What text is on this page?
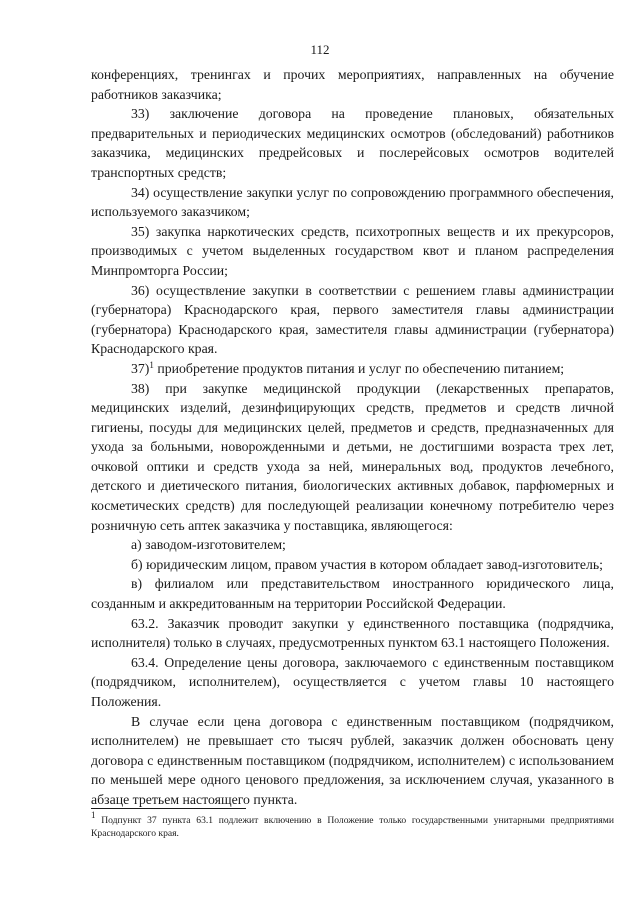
112

конференциях, тренингах и прочих мероприятиях, направленных на обучение работников заказчика;

33) заключение договора на проведение плановых, обязательных предварительных и периодических медицинских осмотров (обследований) работников заказчика, медицинских предрейсовых и послерейсовых осмотров водителей транспортных средств;

34) осуществление закупки услуг по сопровождению программного обеспечения, используемого заказчиком;

35) закупка наркотических средств, психотропных веществ и их прекурсоров, производимых с учетом выделенных государством квот и планом распределения Минпромторга России;

36) осуществление закупки в соответствии с решением главы администрации (губернатора) Краснодарского края, первого заместителя главы администрации (губернатора) Краснодарского края, заместителя главы администрации (губернатора) Краснодарского края.

37)$^1$ приобретение продуктов питания и услуг по обеспечению питанием;

38) при закупке медицинской продукции (лекарственных препаратов, медицинских изделий, дезинфицирующих средств, предметов и средств личной гигиены, посуды для медицинских целей, предметов и средств, предназначенных для ухода за больными, новорожденными и детьми, не достигшими возраста трех лет, очковой оптики и средств ухода за ней, минеральных вод, продуктов лечебного, детского и диетического питания, биологических активных добавок, парфюмерных и косметических средств) для последующей реализации конечному потребителю через розничную сеть аптек заказчика у поставщика, являющегося:

а) заводом-изготовителем;

б) юридическим лицом, правом участия в котором обладает завод-изготовитель;

в) филиалом или представительством иностранного юридического лица, созданным и аккредитованным на территории Российской Федерации.

63.2. Заказчик проводит закупки у единственного поставщика (подрядчика, исполнителя) только в случаях, предусмотренных пунктом 63.1 настоящего Положения.

63.4. Определение цены договора, заключаемого с единственным поставщиком (подрядчиком, исполнителем), осуществляется с учетом главы 10 настоящего Положения.

В случае если цена договора с единственным поставщиком (подрядчиком, исполнителем) не превышает сто тысяч рублей, заказчик должен обосновать цену договора с единственным поставщиком (подрядчиком, исполнителем) с использованием по меньшей мере одного ценового предложения, за исключением случая, указанного в абзаце третьем настоящего пункта.

$^1$ Подпункт 37 пункта 63.1 подлежит включению в Положение только государственными унитарными предприятиями Краснодарского края.
